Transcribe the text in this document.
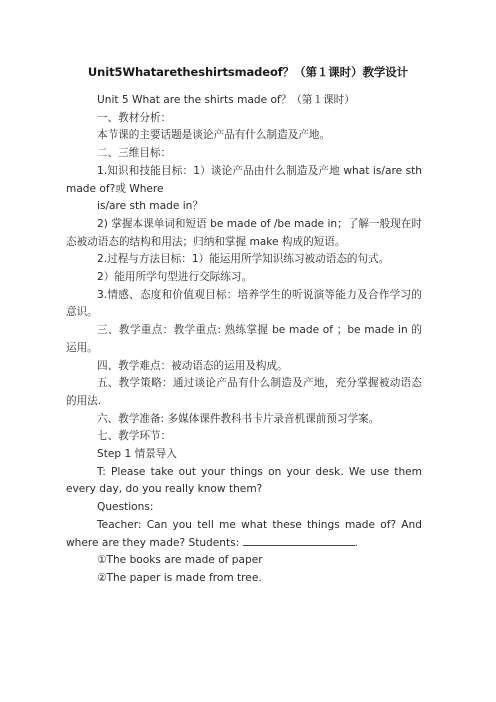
Unit5Whataretheshirtsmadeof？（第１课时）教学设计

Unit 5 What are the shirts made of？（第１课时）

一、教材分析：

本节课的主要话题是谈论产品有什么制造及产地。

二、三维目标：

1.知识和技能目标：1）谈论产品由什么制造及产地 what is/are sth made of?或 Where

is/are sth made in？

2) 掌握本课单词和短语 be made of /be made in；了解一般现在时态被动语态的结构和用法；归纳和掌握 make 构成的短语。

2.过程与方法目标：1）能运用所学知识练习被动语态的句式。

2）能用所学句型进行交际练习。

3.情感、态度和价值观目标：培养学生的听说演等能力及合作学习的意识。

三、教学重点：教学重点: 熟练掌握 be made of ；be made in 的运用。

四、教学难点：被动语态的运用及构成。

五、教学策略：通过谈论产品有什么制造及产地，充分掌握被动语态的用法.

六、教学准备: 多媒体课件教科书卡片录音机课前预习学案。

七、教学环节：

Step 1 情景导入

T: Please take out your things on your desk. We use them every day, do you really know them?

Questions:

Teacher: Can you tell me what these things made of? And where are they made? Students:	.

①The books are made of paper

②The paper is made from tree.
